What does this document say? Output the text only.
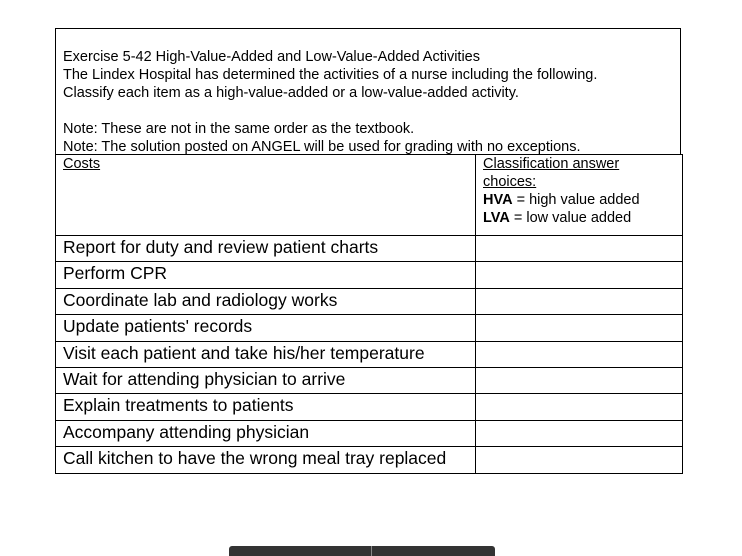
Exercise 5-42 High-Value-Added and Low-Value-Added Activities
The Lindex Hospital has determined the activities of a nurse including the following.
Classify each item as a high-value-added or a low-value-added activity.
Note: These are not in the same order as the textbook.
Note: The solution posted on ANGEL will be used for grading with no exceptions.
Costs	Classification answer
choices:
HVA = high value added
LVA = low value added

Report for duty and review patient charts	
Perform CPR	
Coordinate lab and radiology works	
Update patients' records	
Visit each patient and take his/her temperature	
Wait for attending physician to arrive	
Explain treatments to patients	
Accompany attending physician	
Call kitchen to have the wrong meal tray replaced	
